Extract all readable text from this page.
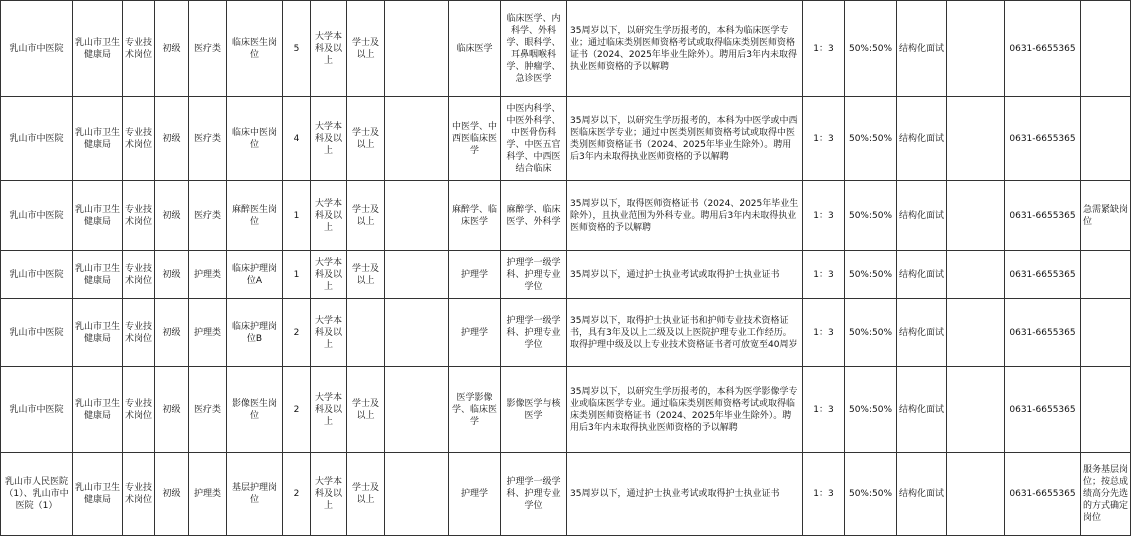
乳山市中医院	乳山市卫生健康局	专业技术岗位	初级	医疗类	临床医生岗位	5	大学本科及以上	学士及以上		临床医学	临床医学、内科学、外科学、眼科学、耳鼻咽喉科学、肿瘤学、急诊医学	35周岁以下，以研究生学历报考的，本科为临床医学专业；通过临床类别医师资格考试或取得临床类别医师资格证书（2024、2025年毕业生除外）。聘用后3年内未取得执业医师资格的予以解聘	1：3	50%:50%	结构化面试		0631-6655365	
乳山市中医院	乳山市卫生健康局	专业技术岗位	初级	医疗类	临床中医岗位	4	大学本科及以上	学士及以上		中医学、中西医临床医学	中医内科学、中医外科学、中医骨伤科学、中医五官科学、中西医结合临床	35周岁以下，以研究生学历报考的，本科为中医学或中西医临床医学专业；通过中医类别医师资格考试或取得中医类别医师资格证书（2024、2025年毕业生除外）。聘用后3年内未取得执业医师资格的予以解聘	1：3	50%:50%	结构化面试		0631-6655365	
乳山市中医院	乳山市卫生健康局	专业技术岗位	初级	医疗类	麻醉医生岗位	1	大学本科及以上	学士及以上		麻醉学、临床医学	麻醉学、临床医学、外科学	35周岁以下，取得医师资格证书（2024、2025年毕业生除外），且执业范围为外科专业。聘用后3年内未取得执业医师资格的予以解聘	1：3	50%:50%	结构化面试		0631-6655365	急需紧缺岗位
乳山市中医院	乳山市卫生健康局	专业技术岗位	初级	护理类	临床护理岗位A	1	大学本科及以上	学士及以上		护理学	护理学一级学科、护理专业学位	35周岁以下，通过护士执业考试或取得护士执业证书	1：3	50%:50%	结构化面试		0631-6655365	
乳山市中医院	乳山市卫生健康局	专业技术岗位	初级	护理类	临床护理岗位B	2	大学本科及以上			护理学	护理学一级学科、护理专业学位	35周岁以下，取得护士执业证书和护师专业技术资格证书，具有3年及以上二级及以上医院护理专业工作经历。取得护理中级及以上专业技术资格证书者可放宽至40周岁	1：3	50%:50%	结构化面试		0631-6655365	
乳山市中医院	乳山市卫生健康局	专业技术岗位	初级	医疗类	影像医生岗位	2	大学本科及以上	学士及以上		医学影像学、临床医学	影像医学与核医学	35周岁以下，以研究生学历报考的，本科为医学影像学专业或临床医学专业。通过临床类别医师资格考试或取得临床类别医师资格证书（2024、2025年毕业生除外）。聘用后3年内未取得执业医师资格的予以解聘	1：3	50%:50%	结构化面试		0631-6655365	
乳山市人民医院（1）、乳山市中医院（1）	乳山市卫生健康局	专业技术岗位	初级	护理类	基层护理岗位	2	大学本科及以上	学士及以上		护理学	护理学一级学科、护理专业学位	35周岁以下，通过护士执业考试或取得护士执业证书	1：3	50%:50%	结构化面试		0631-6655365	服务基层岗位；按总成绩高分先选的方式确定岗位
